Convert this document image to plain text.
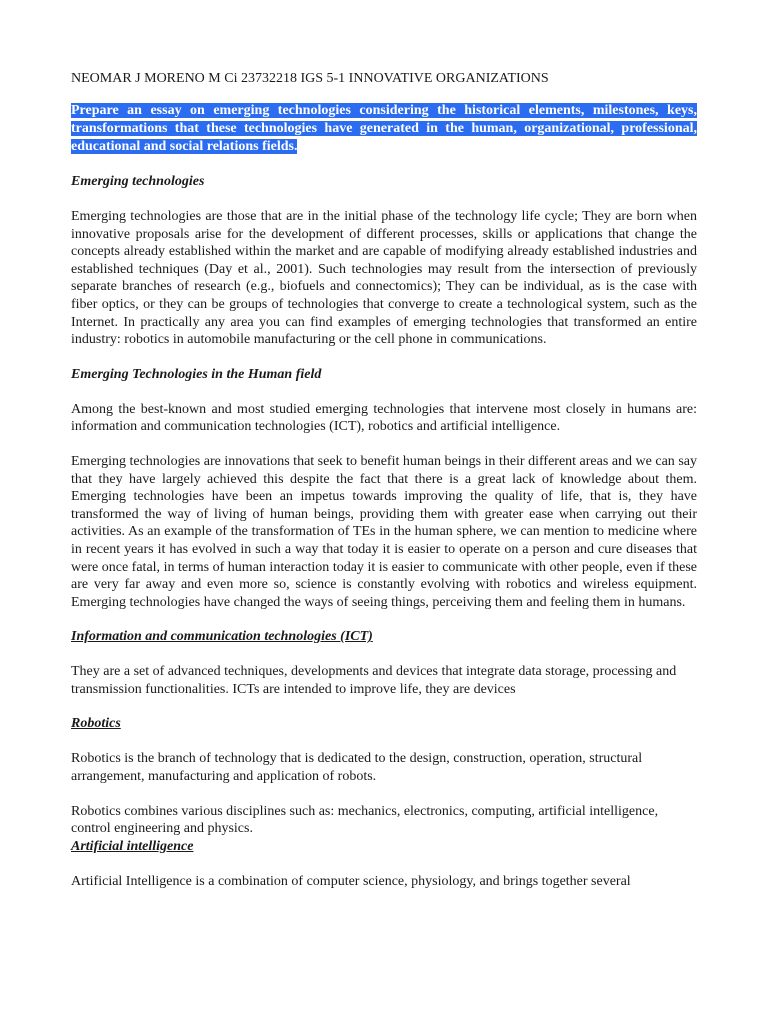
NEOMAR J MORENO M Ci 23732218 IGS 5-1 INNOVATIVE ORGANIZATIONS

Prepare an essay on emerging technologies considering the historical elements, milestones, keys, transformations that these technologies have generated in the human, organizational, professional, educational and social relations fields.

Emerging technologies

Emerging technologies are those that are in the initial phase of the technology life cycle; They are born when innovative proposals arise for the development of different processes, skills or applications that change the concepts already established within the market and are capable of modifying already established industries and established techniques (Day et al., 2001). Such technologies may result from the intersection of previously separate branches of research (e.g., biofuels and connectomics); They can be individual, as is the case with fiber optics, or they can be groups of technologies that converge to create a technological system, such as the Internet. In practically any area you can find examples of emerging technologies that transformed an entire industry: robotics in automobile manufacturing or the cell phone in communications.

Emerging Technologies in the Human field

Among the best-known and most studied emerging technologies that intervene most closely in humans are: information and communication technologies (ICT), robotics and artificial intelligence.

Emerging technologies are innovations that seek to benefit human beings in their different areas and we can say that they have largely achieved this despite the fact that there is a great lack of knowledge about them. Emerging technologies have been an impetus towards improving the quality of life, that is, they have transformed the way of living of human beings, providing them with greater ease when carrying out their activities. As an example of the transformation of TEs in the human sphere, we can mention to medicine where in recent years it has evolved in such a way that today it is easier to operate on a person and cure diseases that were once fatal, in terms of human interaction today it is easier to communicate with other people, even if these are very far away and even more so, science is constantly evolving with robotics and wireless equipment. Emerging technologies have changed the ways of seeing things, perceiving them and feeling them in humans.

Information and communication technologies (ICT)

They are a set of advanced techniques, developments and devices that integrate data storage, processing and transmission functionalities. ICTs are intended to improve life, they are devices

Robotics

Robotics is the branch of technology that is dedicated to the design, construction, operation, structural arrangement, manufacturing and application of robots.

Robotics combines various disciplines such as: mechanics, electronics, computing, artificial intelligence, control engineering and physics.

Artificial intelligence

Artificial Intelligence is a combination of computer science, physiology, and brings together several
